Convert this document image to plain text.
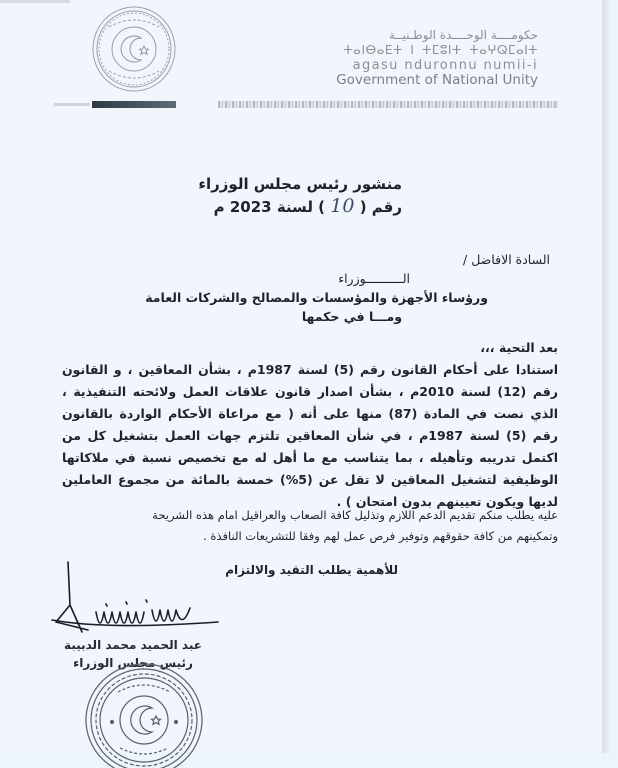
حكومــــة الوحــــدة الوطـنيــة
ⵜⴰⵏⴱⴰⴹⵜ ⵏ ⵜⵎⵓⵏⵜ ⵜⴰⵖⵕⵎⴰⵏⵜ
agasu nduronnu numii-i
Government of National Unity
منشور رئيس مجلس الوزراء
رقم ( 10 ) لسنة 2023 م
السادة الافاضل /
الــــــــــوزراء
ورؤساء الأجهزة والمؤسسات والمصالح والشركات العامة
ومـــا في حكمها
بعد التحية ،،،

استنادا على أحكام القانون رقم (5) لسنة 1987م ، بشأن المعاقين ، و القانون رقم (12) لسنة 2010م ، بشأن اصدار قانون علاقات العمل ولائحته التنفيذية ، الذي نصت في المادة (87) منها على أنه ( مع مراعاة الأحكام الواردة بالقانون رقم (5) لسنة 1987م ، في شأن المعاقين تلتزم جهات العمل بتشغيل كل من اكتمل تدريبه وتأهيله ، بما يتناسب مع ما أهل له مع تخصيص نسبة في ملاكاتها الوظيفية لتشغيل المعاقين لا تقل عن (5%) خمسة بالمائة من مجموع العاملين لديها ويكون تعيينهم بدون امتحان ) .

عليه يطلب منكم تقديم الدعم اللازم وتذليل كافة الصعاب والعراقيل امام هذه الشريحة

وتمكينهم من كافة حقوقهم وتوفير فرص عمل لهم وفقا للتشريعات النافذة .

للأهمية يطلب التقيد والالتزام
عبد الحميد محمد الدبيبة
رئيس مجلس الوزراء
